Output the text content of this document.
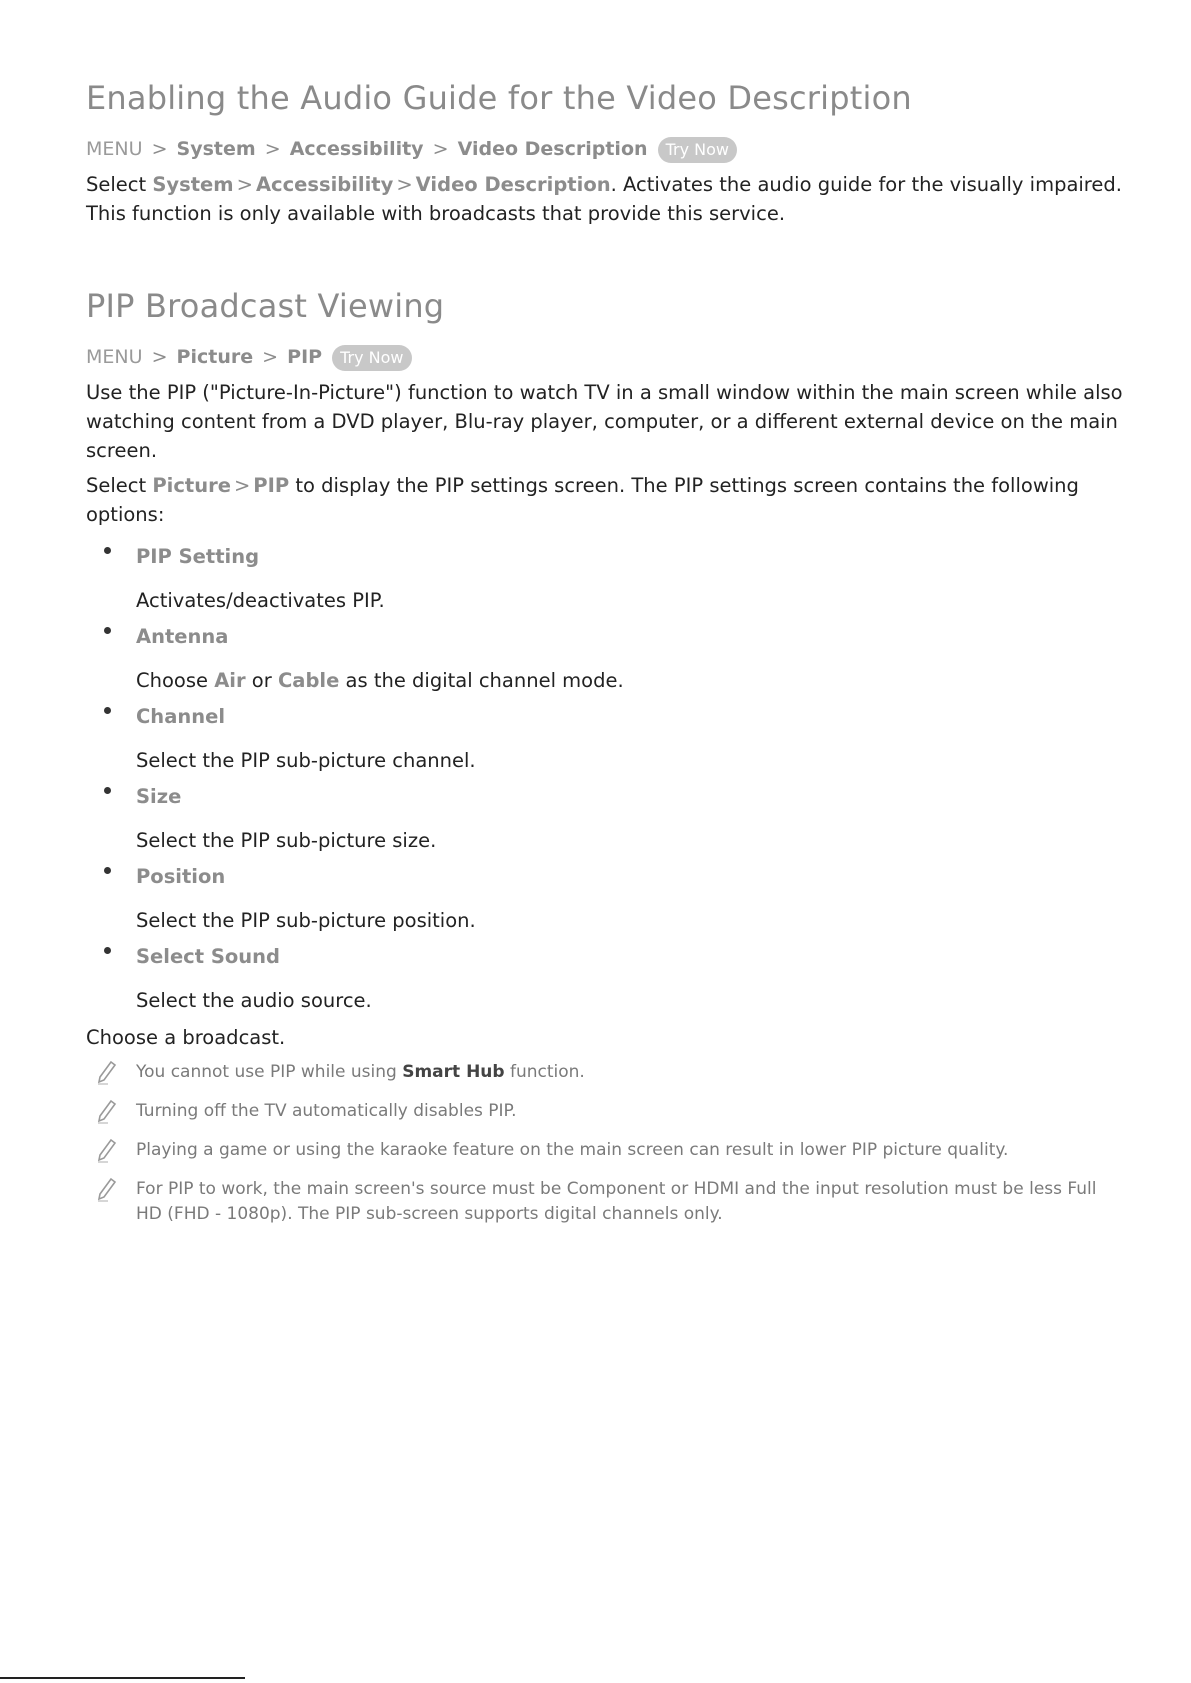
Enabling the Audio Guide for the Video Description
MENU > System > Accessibility > Video Description Try Now

Select System > Accessibility > Video Description. Activates the audio guide for the visually impaired. This function is only available with broadcasts that provide this service.

PIP Broadcast Viewing
MENU > Picture > PIP Try Now

Use the PIP ("Picture-In-Picture") function to watch TV in a small window within the main screen while also watching content from a DVD player, Blu-ray player, computer, or a different external device on the main screen.

Select Picture > PIP to display the PIP settings screen. The PIP settings screen contains the following options:

PIP Setting
Activates/deactivates PIP.
Antenna
Choose Air or Cable as the digital channel mode.
Channel
Select the PIP sub-picture channel.
Size
Select the PIP sub-picture size.
Position
Select the PIP sub-picture position.
Select Sound
Select the audio source.

Choose a broadcast.

You cannot use PIP while using Smart Hub function.
Turning off the TV automatically disables PIP.
Playing a game or using the karaoke feature on the main screen can result in lower PIP picture quality.
For PIP to work, the main screen's source must be Component or HDMI and the input resolution must be less Full HD (FHD - 1080p). The PIP sub-screen supports digital channels only.
